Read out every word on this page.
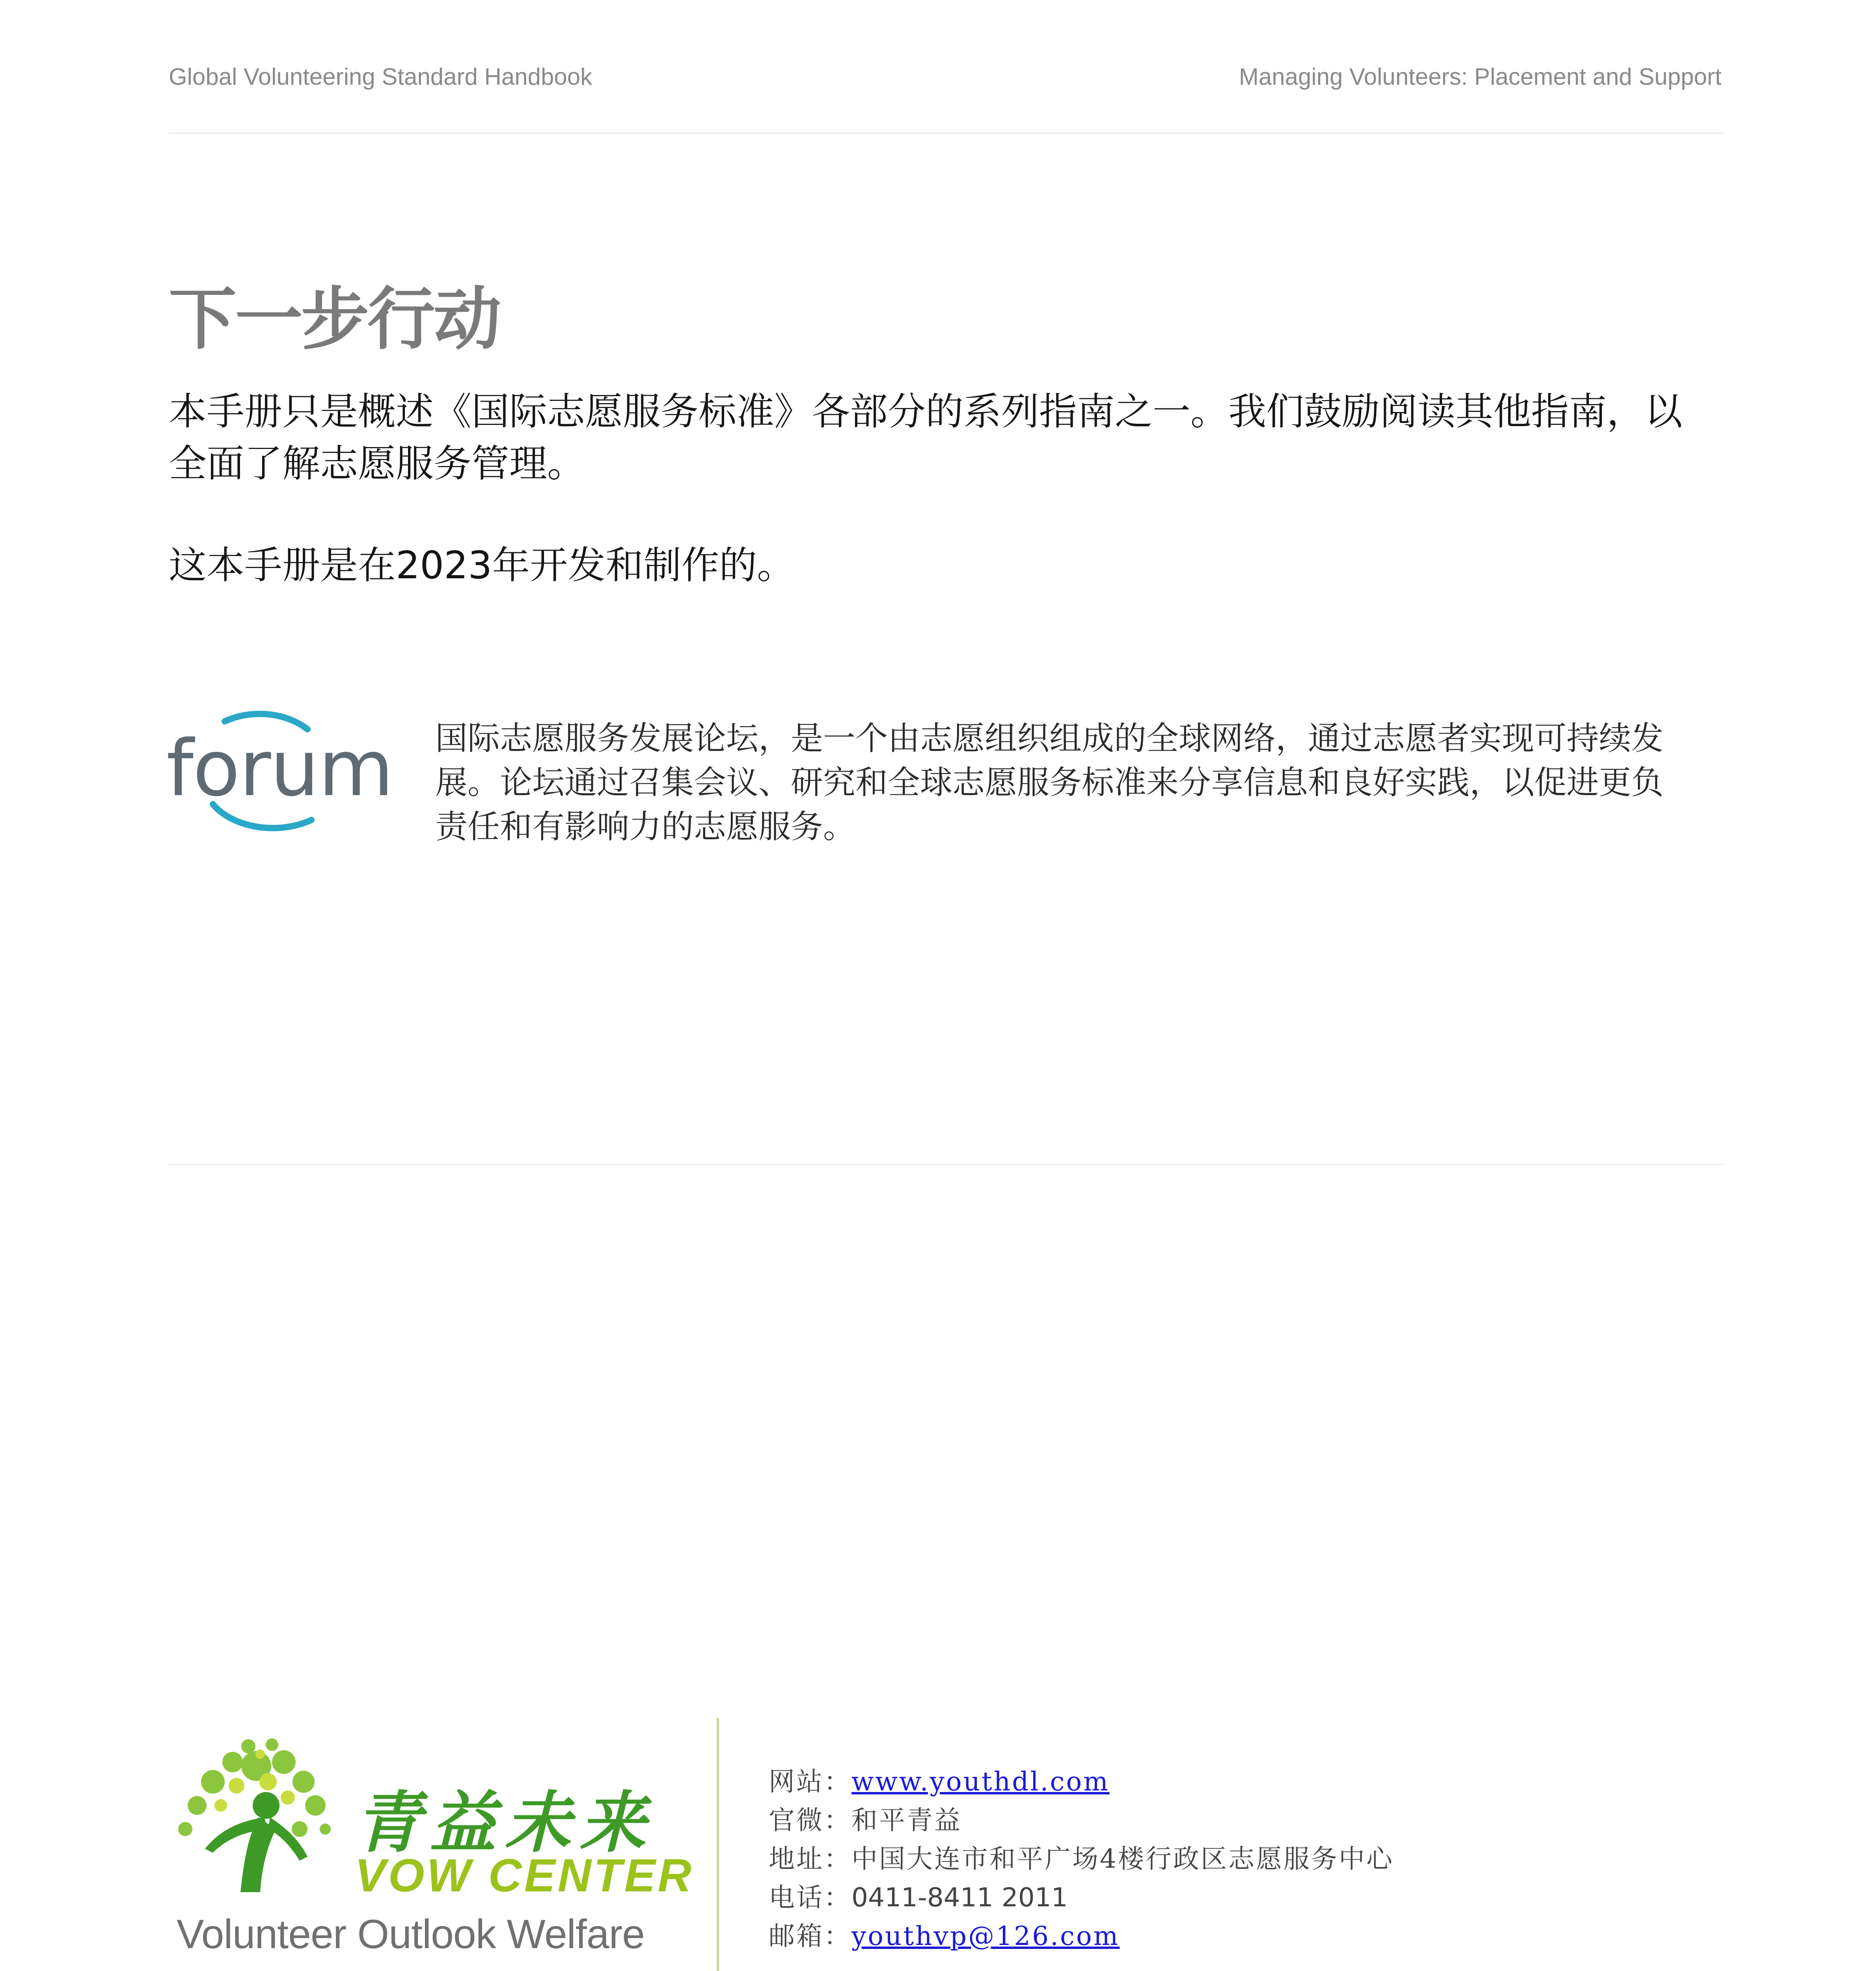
Global Volunteering Standard Handbook	Managing Volunteers: Placement and Support
下一步行动
本手册只是概述《国际志愿服务标准》各部分的系列指南之一。我们鼓励阅读其他指南，以全面了解志愿服务管理。
这本手册是在2023年开发和制作的。
forum 国际志愿服务发展论坛，是一个由志愿组织组成的全球网络，通过志愿者实现可持续发展。论坛通过召集会议、研究和全球志愿服务标准来分享信息和良好实践，以促进更负责任和有影响力的志愿服务。
青益未来
VOW CENTER
Volunteer Outlook Welfare
网站：www.youthdl.com
官微：和平青益
地址：中国大连市和平广场4楼行政区志愿服务中心
电话：0411-8411 2011
邮箱：youthvp@126.com
